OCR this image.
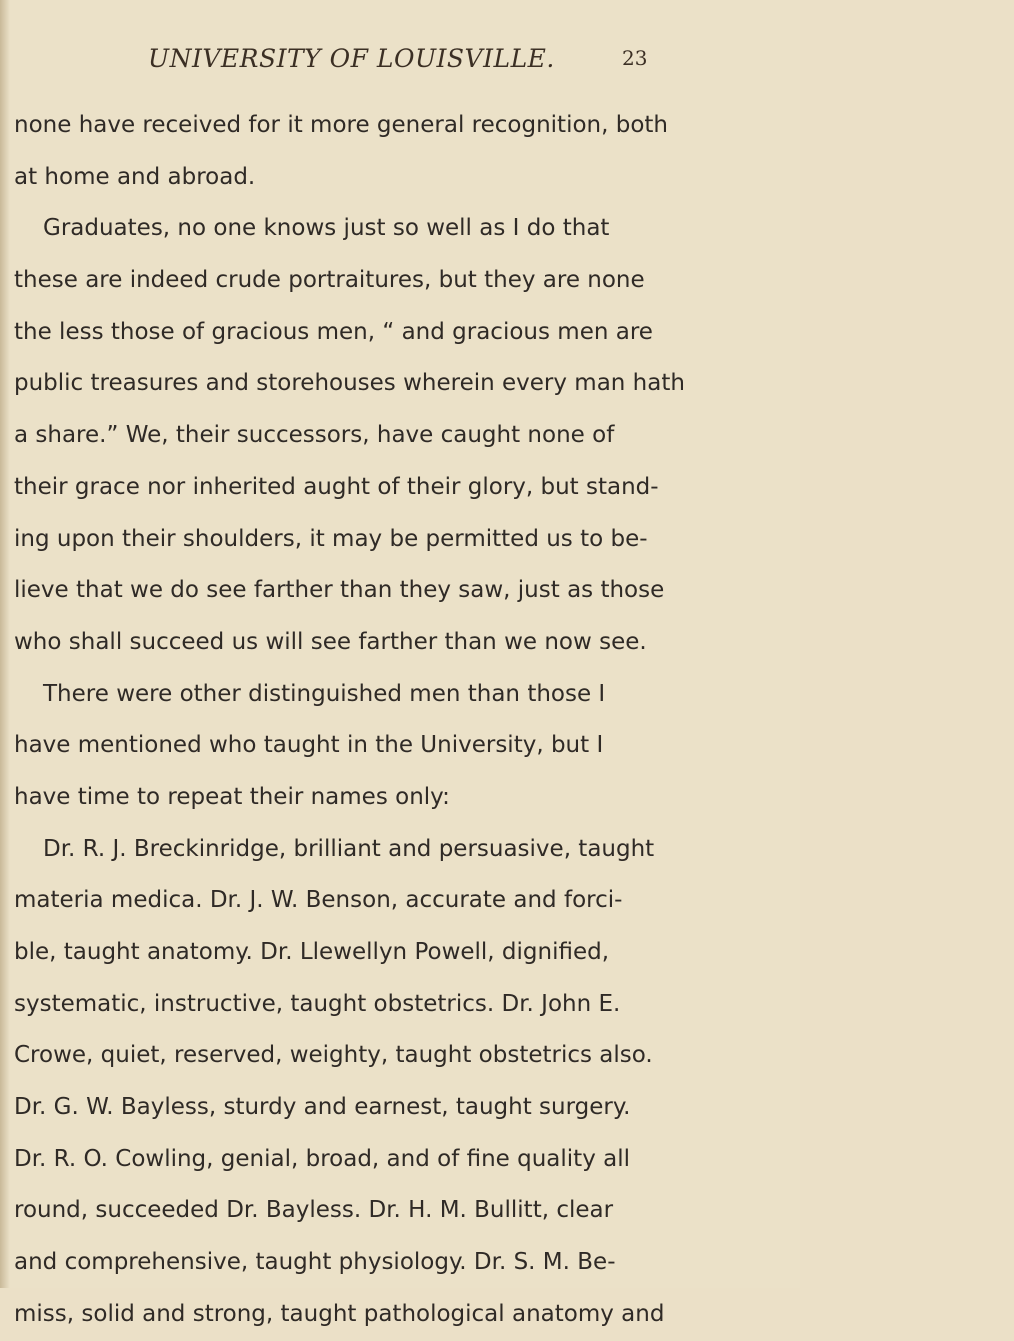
UNIVERSITY OF LOUISVILLE.	23
none have received for it more general recognition, both
at home and abroad.
Graduates, no one knows just so well as I do that
these are indeed crude portraitures, but they are none
the less those of gracious men, “ and gracious men are
public treasures and storehouses wherein every man hath
a share.” We, their successors, have caught none of
their grace nor inherited aught of their glory, but stand-
ing upon their shoulders, it may be permitted us to be-
lieve that we do see farther than they saw, just as those
who shall succeed us will see farther than we now see.
There were other distinguished men than those I
have mentioned who taught in the University, but I
have time to repeat their names only:
Dr. R. J. Breckinridge, brilliant and persuasive, taught
materia medica. Dr. J. W. Benson, accurate and forci-
ble, taught anatomy. Dr. Llewellyn Powell, dignified,
systematic, instructive, taught obstetrics. Dr. John E.
Crowe, quiet, reserved, weighty, taught obstetrics also.
Dr. G. W. Bayless, sturdy and earnest, taught surgery.
Dr. R. O. Cowling, genial, broad, and of fine quality all
round, succeeded Dr. Bayless. Dr. H. M. Bullitt, clear
and comprehensive, taught physiology. Dr. S. M. Be-
miss, solid and strong, taught pathological anatomy and
